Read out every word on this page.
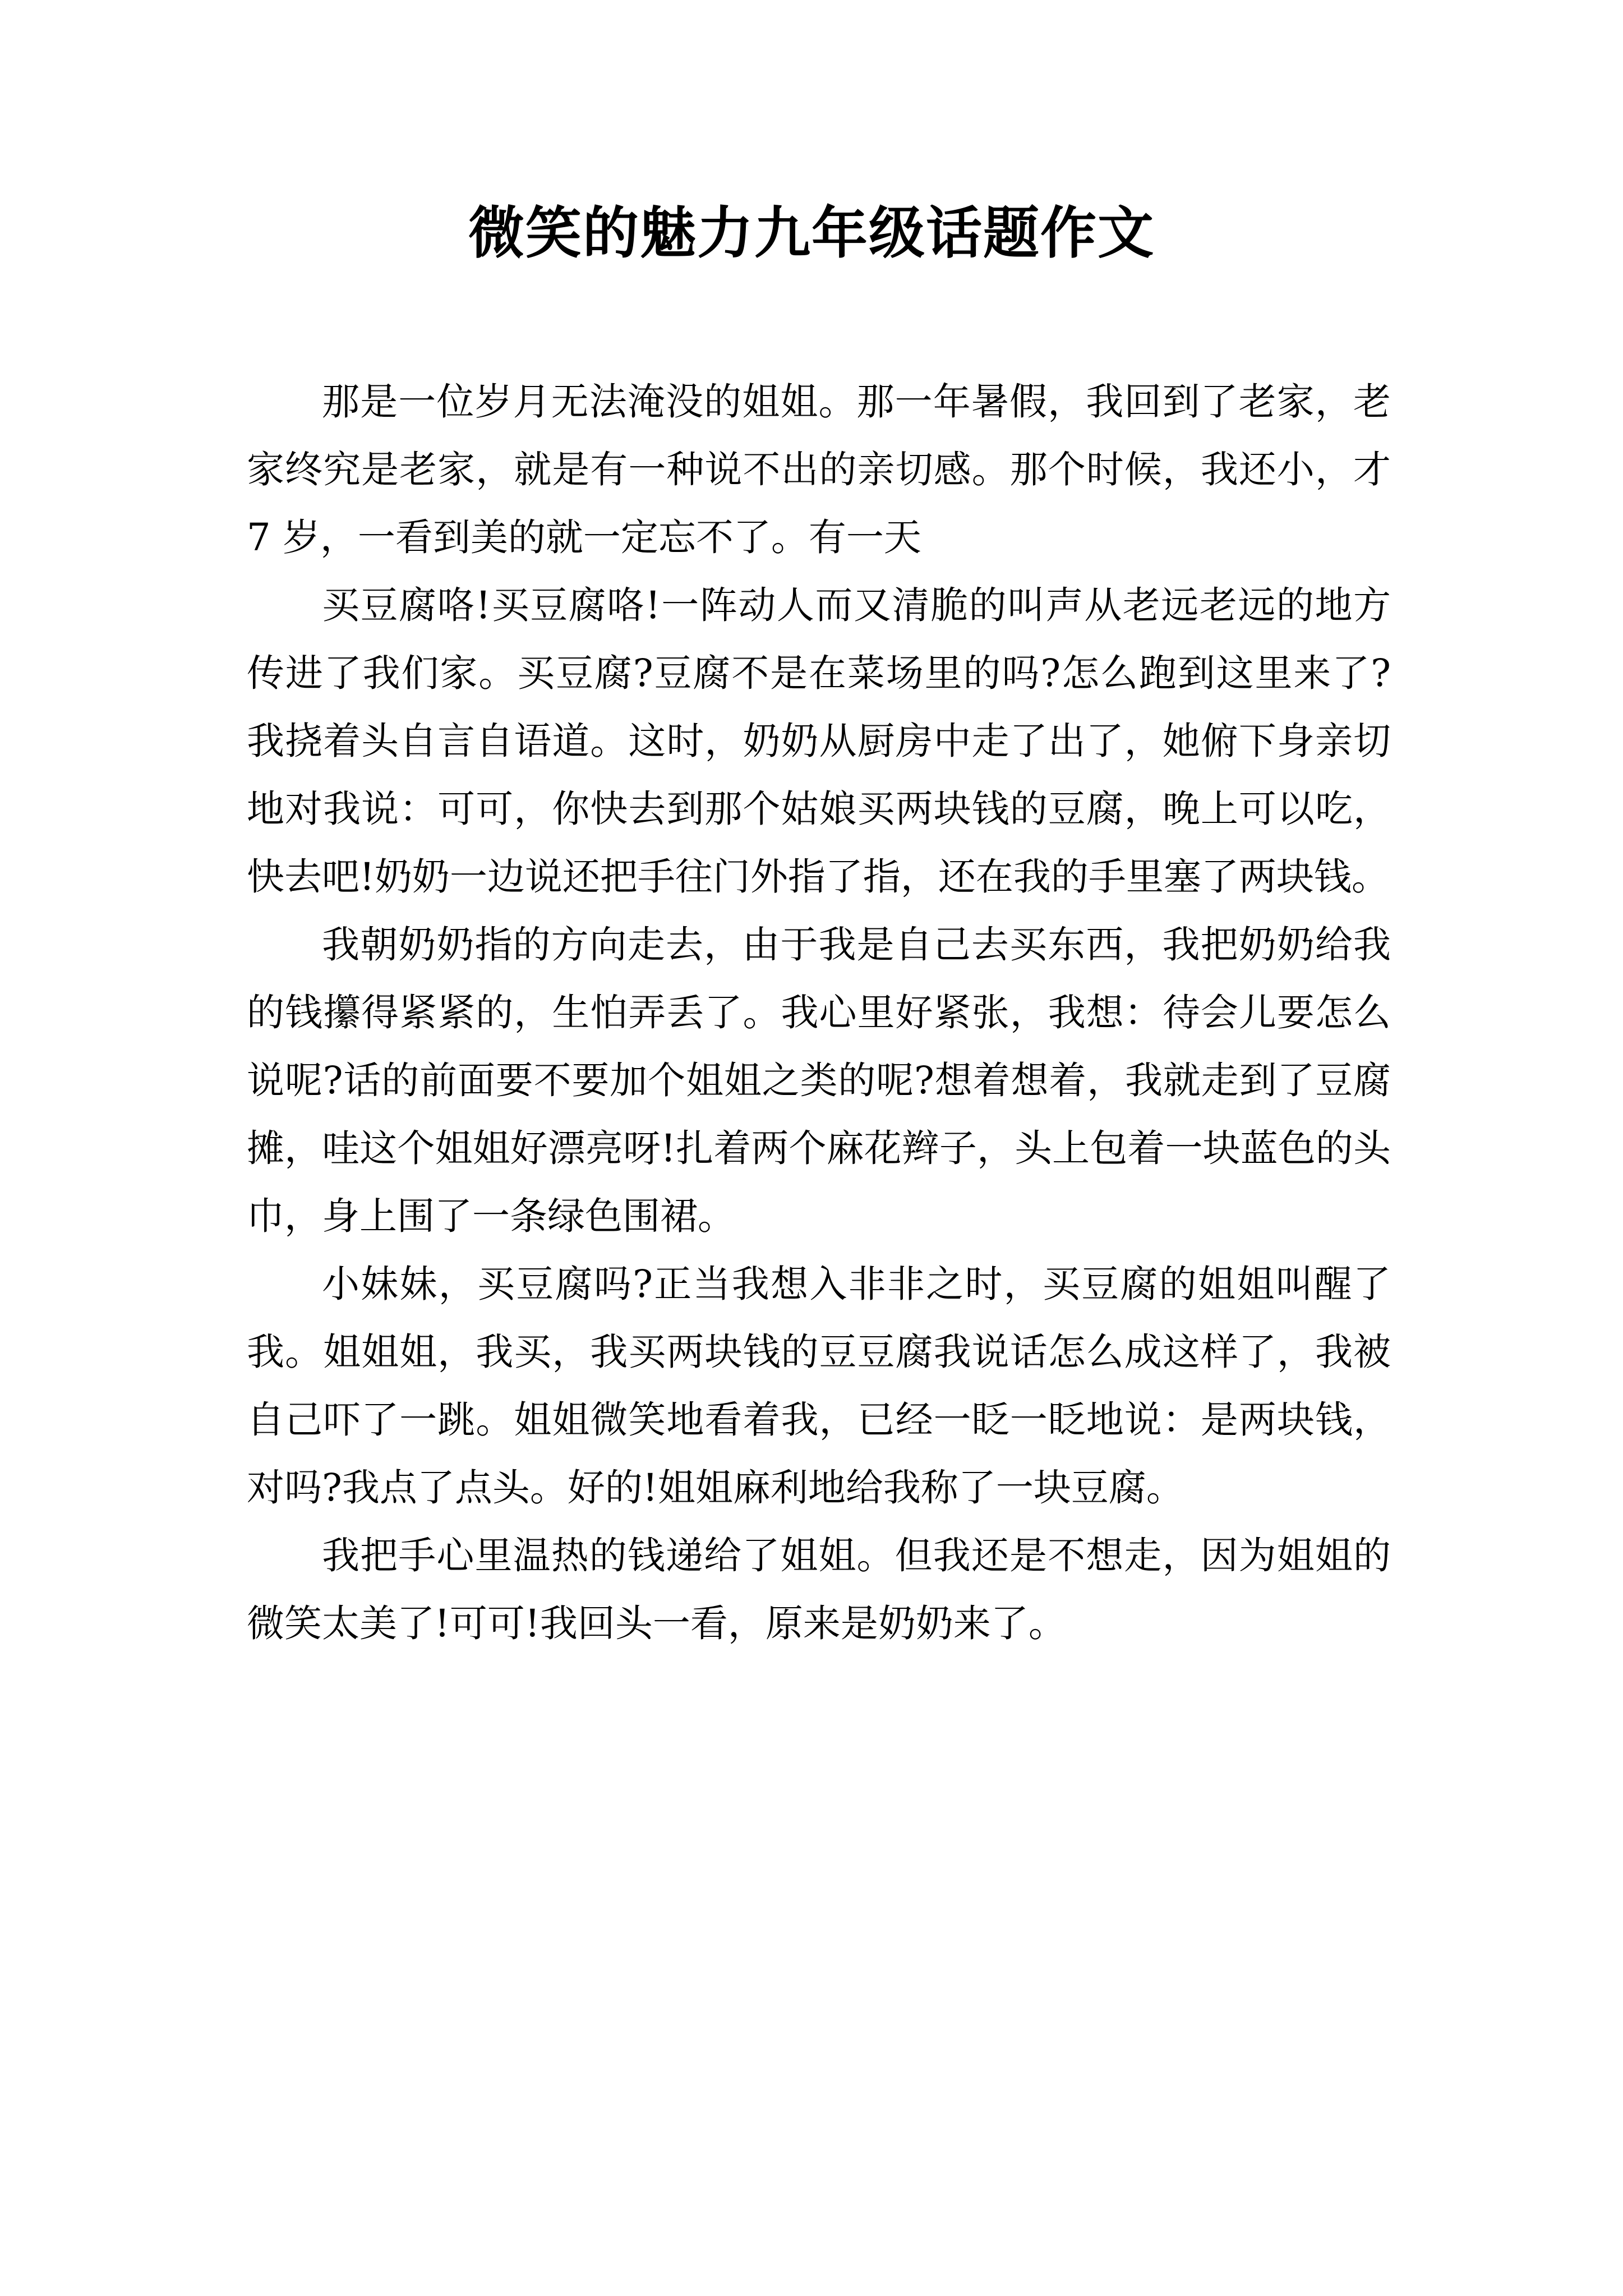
微笑的魅力九年级话题作文

那是一位岁月无法淹没的姐姐。那一年暑假，我回到了老家，老家终究是老家，就是有一种说不出的亲切感。那个时候，我还小，才 7 岁，一看到美的就一定忘不了。有一天

买豆腐咯!买豆腐咯!一阵动人而又清脆的叫声从老远老远的地方传进了我们家。买豆腐?豆腐不是在菜场里的吗?怎么跑到这里来了?我挠着头自言自语道。这时，奶奶从厨房中走了出了，她俯下身亲切地对我说：可可，你快去到那个姑娘买两块钱的豆腐，晚上可以吃，快去吧!奶奶一边说还把手往门外指了指，还在我的手里塞了两块钱。

我朝奶奶指的方向走去，由于我是自己去买东西，我把奶奶给我的钱攥得紧紧的，生怕弄丢了。我心里好紧张，我想：待会儿要怎么说呢?话的前面要不要加个姐姐之类的呢?想着想着，我就走到了豆腐摊，哇这个姐姐好漂亮呀!扎着两个麻花辫子，头上包着一块蓝色的头巾，身上围了一条绿色围裙。

小妹妹，买豆腐吗?正当我想入非非之时，买豆腐的姐姐叫醒了我。姐姐姐，我买，我买两块钱的豆豆腐我说话怎么成这样了，我被自己吓了一跳。姐姐微笑地看着我，已经一眨一眨地说：是两块钱，对吗?我点了点头。好的!姐姐麻利地给我称了一块豆腐。

我把手心里温热的钱递给了姐姐。但我还是不想走，因为姐姐的微笑太美了!可可!我回头一看，原来是奶奶来了。
